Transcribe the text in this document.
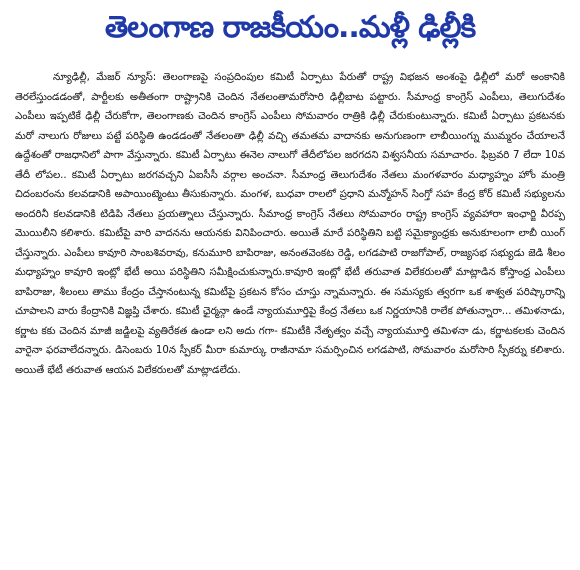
తెలంగాణ రాజకీయం..మళ్లీ ఢిల్లీకి

న్యూఢిల్లీ, మేజర్ న్యూస్: తెలంగాణపై సంప్రదింపుల కమిటీ ఏర్పాటు పేరుతో రాష్ట్ర విభజన అంశంపై ఢిల్లీలో మరో అంకానికి తెరలేస్తుండడంతో, పార్టీలకు అతీతంగా రాష్ట్రానికి చెందిన నేతలంతామరోసారి ఢిల్లీబాట పట్టారు. సీమాంధ్ర కాంగ్రెస్ ఎంపీలు, తెలుగుదేశం ఎంపీలు ఇప్పటికే ఢిల్లీ చేరుకోగా, తెలంగాణకు చెందిన కాంగ్రెస్ ఎంపీలు సోమవారం రాత్రికి ఢిల్లీ చేరుకుంటున్నారు. కమిటీ ఏర్పాటు ప్రకటనకు మరో నాలుగు రోజులు పట్టే పరిస్థితి ఉండడంతో నేతలంతా ఢిల్లీ వచ్చి తమతమ వాదానకు అనుగుణంగా లాబీయింగ్ను ముమ్మరం చేయాలనే ఉద్దేశంతో రాజధానిలో పాగా వేస్తున్నారు. కమిటీ ఏర్పాటు ఈనెల నాలుగో తేదీలోపల జరగదని విశ్వసనీయ సమాచారం. ఫిబ్రవరి 7 లేదా 10వ తేదీ లోపల.. కమిటీ ఏర్పాటు జరగవచ్చని ఏఐసీసీ వర్గాల అంచనా. సీమాంధ్ర తెలుగుదేశం నేతలు మంగళవారం మధ్యాహ్నం హోం మంత్రి చిదంబరంను కలవడానికి అపాయింట్మెంటు తీసుకున్నారు. మంగళ, బుధవా రాలలో ప్రధాని మన్మోహన్ సింగ్తో సహ కేంద్ర కోర్ కమిటీ సభ్యులను అందరినీ కలవడానికి టిడిపి నేతలు ప్రయత్నాలు చేస్తున్నారు. సీమాంధ్ర కాంగ్రెస్ నేతలు సోమవారం రాష్ట్ర కాంగ్రెస్ వ్యవహారా ఇంఛార్జి వీరప్ప మొయిలీని కలిశారు. కమిటీపై వారి వాదనను ఆయనకు వినిపించారు. అయితే మారే పరిస్థితిని బట్టి సమైక్యాంధ్రకు అనుకూలంగా లాబీ యింగ్ చేస్తున్నారు. ఎంపీలు కావూరి సాంబశివరావు, కనుమూరి బాపిరాజు, అనంతవెంకట రెడ్డి, లగడపాటి రాజగోపాల్, రాజ్యసభ సభ్యుడు జెడి శీలం మధ్యాహ్నం కావూరి ఇంట్లో భేటీ అయి పరిస్థితిని సమీక్షించుకున్నారు.కావూరి ఇంట్లో భేటీ తరువాత విలేకరులతో మాట్లాడిన కోస్తాంధ్ర ఎంపీలు బాపిరాజు, శీలంలు తాము కేంద్రం చేస్తానంటున్న కమిటీపై ప్రకటన కోసం చూస్తు న్నామన్నారు. ఈ సమస్యకు త్వరగా ఒక శాశ్వత పరిష్కారాన్ని చూపాలని వారు కేంద్రానికి విజ్ఞప్తి చేశారు. కమిటీ ఛైర్మన్గా ఉండే న్యాయమూర్తిపై కేంద్ర నేతలు ఒక నిర్ణయానికి రాలేక పోతున్నారా... తమిళనాడు, కర్ణాట కకు చెందిన మాజీ జడ్జిలపై వ్యతిరేకత ఉండా లని అదు గగా- కమిటీకి నేతృత్వం వచ్చే న్యాయమూర్తి తమిళనా డు, కర్ణాటకలకు చెందిన వారైనా ఫరవాలేదన్నారు. డిసెంబరు 10న స్పీకర్ మీరా కుమార్కు రాజీనామా సమర్పించిన లగడపాటి, సోమవారం మరోసారి స్పీకర్ను కలిశారు. అయితే భేటీ తరువాత ఆయన విలేకరులతో మాట్లాడలేదు.
